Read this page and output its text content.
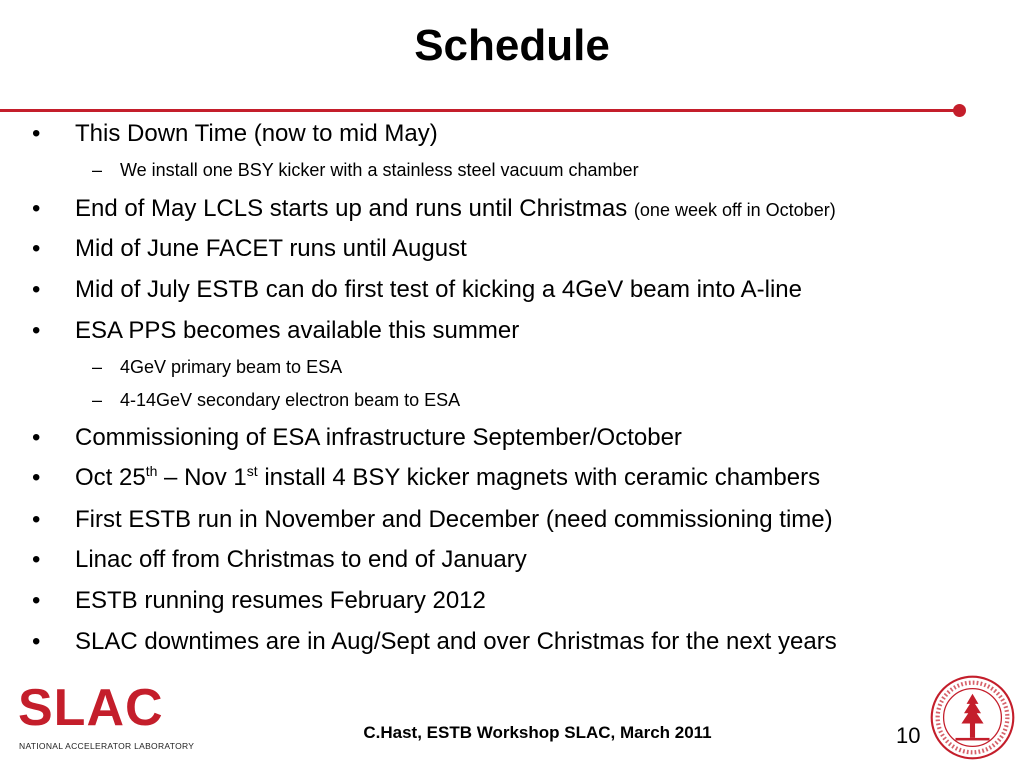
Schedule
• This Down Time (now to mid May)
– We install one BSY kicker with a stainless steel vacuum chamber
• End of May LCLS starts up and runs until Christmas (one week off in October)
• Mid of June FACET runs until August
• Mid of July ESTB can do first test of kicking a 4GeV beam into A-line
• ESA PPS becomes available this summer
– 4GeV primary beam to ESA
– 4-14GeV secondary electron beam to ESA
• Commissioning of ESA infrastructure September/October
• Oct 25th – Nov 1st install 4 BSY kicker magnets with ceramic chambers
• First ESTB run in November and December (need commissioning time)
• Linac off from Christmas to end of January
• ESTB running resumes February 2012
• SLAC downtimes are in Aug/Sept and over Christmas for the next years
SLAC
NATIONAL ACCELERATOR LABORATORY
C.Hast, ESTB Workshop SLAC, March 2011	10
